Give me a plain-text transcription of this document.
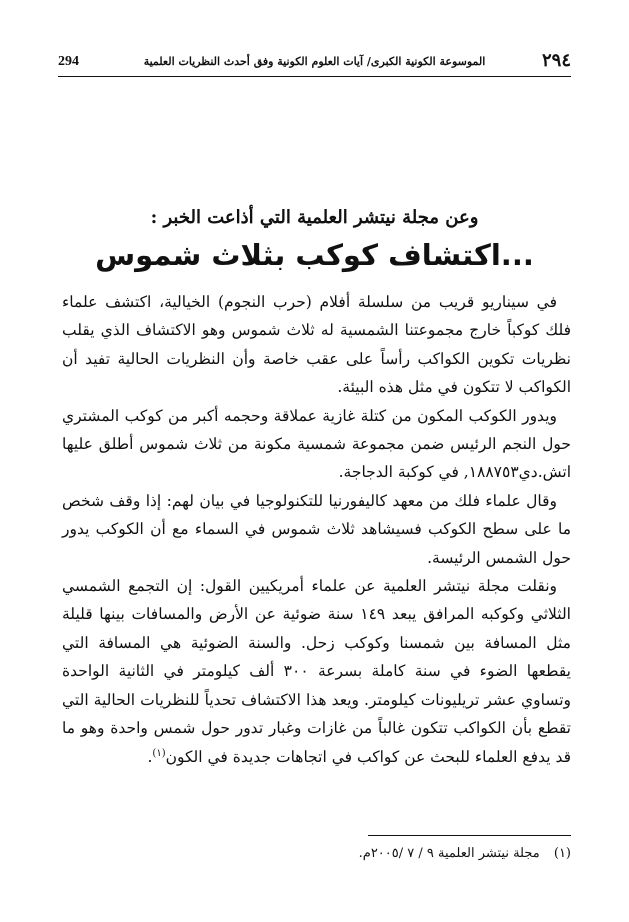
294	الموسوعة الكونية الكبرى/ آيات العلوم الكونية وفق أحدث النظريات العلمية	٢٩٤
وعن مجلة نيتشر العلمية التي أذاعت الخبر :
...اكتشاف كوكب بثلاث شموس

في سيناريو قريب من سلسلة أفلام (حرب النجوم) الخيالية، اكتشف علماء فلك كوكباً خارج مجموعتنا الشمسية له ثلاث شموس وهو الاكتشاف الذي يقلب نظريات تكوين الكواكب رأساً على عقب خاصة وأن النظريات الحالية تفيد أن الكواكب لا تتكون في مثل هذه البيئة.

ويدور الكوكب المكون من كتلة غازية عملاقة وحجمه أكبر من كوكب المشتري حول النجم الرئيس ضمن مجموعة شمسية مكونة من ثلاث شموس أطلق عليها اتش.دي١٨٨٧٥٣, في كوكبة الدجاجة.

وقال علماء فلك من معهد كاليفورنيا للتكنولوجيا في بيان لهم: إذا وقف شخص ما على سطح الكوكب فسيشاهد ثلاث شموس في السماء مع أن الكوكب يدور حول الشمس الرئيسة.

ونقلت مجلة نيتشر العلمية عن علماء أمريكيين القول: إن التجمع الشمسي الثلاثي وكوكبه المرافق يبعد ١٤٩ سنة ضوئية عن الأرض والمسافات بينها قليلة مثل المسافة بين شمسنا وكوكب زحل. والسنة الضوئية هي المسافة التي يقطعها الضوء في سنة كاملة بسرعة ٣٠٠ ألف كيلومتر في الثانية الواحدة وتساوي عشر تريليونات كيلومتر. ويعد هذا الاكتشاف تحدياً للنظريات الحالية التي تقطع بأن الكواكب تتكون غالباً من غازات وغبار تدور حول شمس واحدة وهو ما قد يدفع العلماء للبحث عن كواكب في اتجاهات جديدة في الكون$^{(١)}$.

(١) مجلة نيتشر العلمية ٩ / ٧ /٢٠٠٥م.
